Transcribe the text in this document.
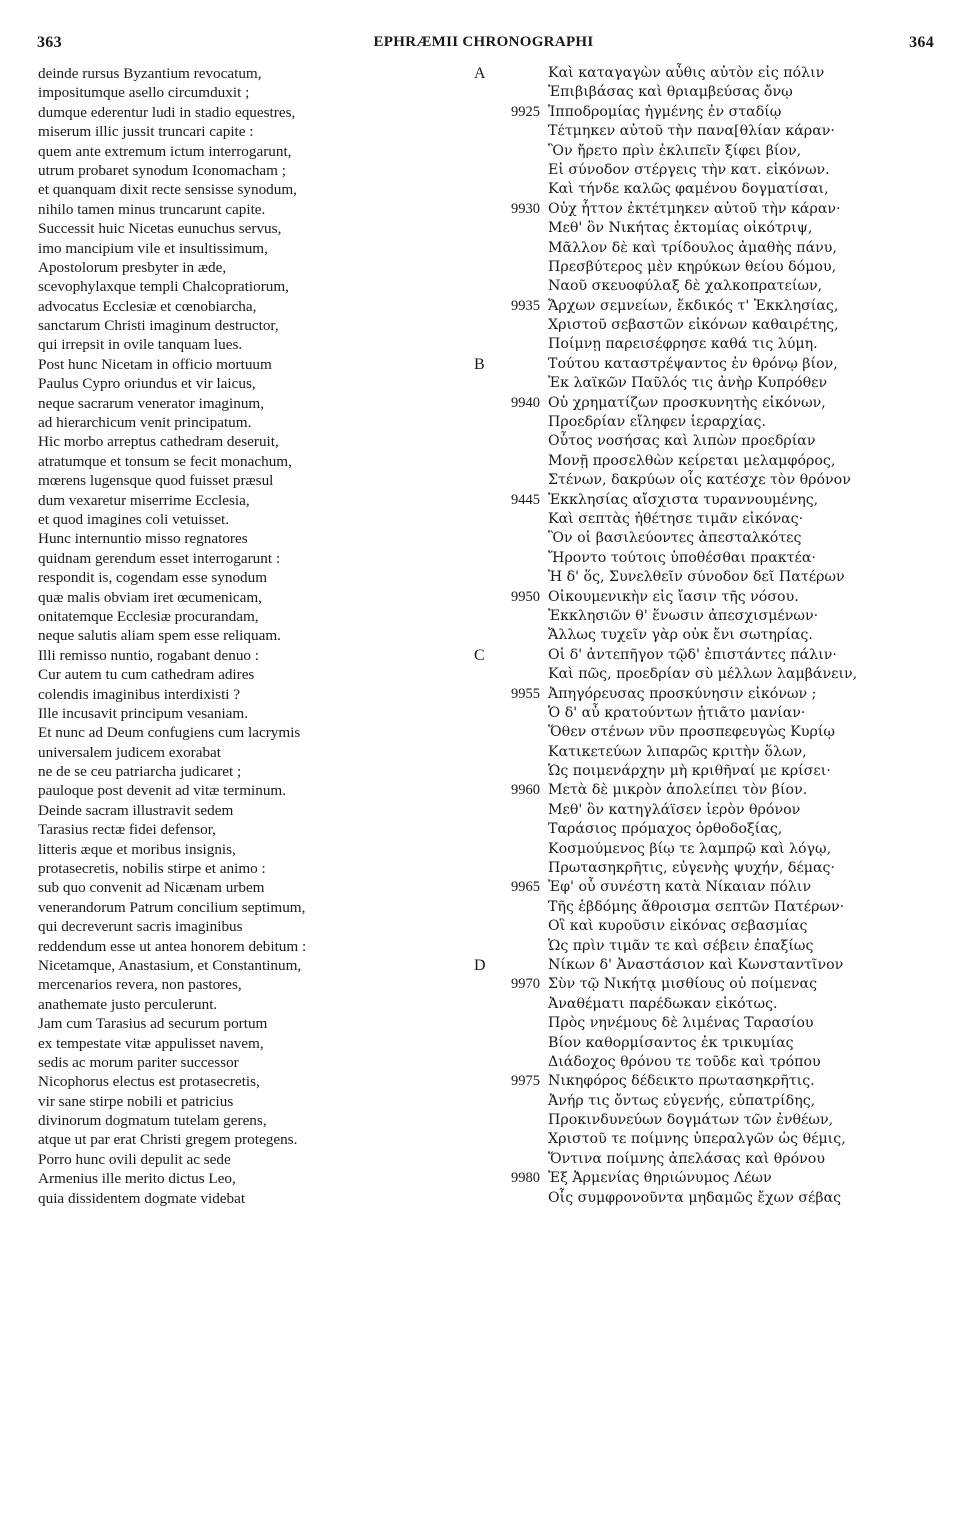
EPHRÆMII CHRONOGRAPHI
363	364
deinde rursus Byzantium revocatum,
impositumque asello circumduxit ;
dumque ederentur ludi in stadio equestres,
miserum illic jussit truncari capite :
quem ante extremum ictum interrogarunt,
utrum probaret synodum Iconomacham ;
et quanquam dixit recte sensisse synodum,
nihilo tamen minus truncarunt capite.
Successit huic Nicetas eunuchus servus,
imo mancipium vile et insultissimum,
Apostolorum presbyter in æde,
scevophylaxque templi Chalcopratiorum,
advocatus Ecclesiæ et cœnobiarcha,
sanctarum Christi imaginum destructor,
qui irrepsit in ovile tanquam lues.
Post hunc Nicetam in officio mortuum
Paulus Cypro oriundus et vir laicus,
neque sacrarum venerator imaginum,
ad hierarchicum venit principatum.
Hic morbo arreptus cathedram deseruit,
atratumque et tonsum se fecit monachum,
mœrens lugensque quod fuisset præsul
dum vexaretur miserrime Ecclesia,
et quod imagines coli vetuisset.
Hunc internuntio misso regnatores
quidnam gerendum esset interrogarunt :
respondit is, cogendam esse synodum
quæ malis obviam iret œcumenicam,
onitatemque Ecclesiæ procurandam,
neque salutis aliam spem esse reliquam.
Illi remisso nuntio, rogabant denuo :
Cur autem tu cum cathedram adires
colendis imaginibus interdixisti ?
Ille incusavit principum vesaniam.
Et nunc ad Deum confugiens cum lacrymis
universalem judicem exorabat
ne de se ceu patriarcha judicaret ;
pauloque post devenit ad vitæ terminum.
Deinde sacram illustravit sedem
Tarasius rectæ fidei defensor,
litteris æque et moribus insignis,
protasecretis, nobilis stirpe et animo :
sub quo convenit ad Nicænam urbem
venerandorum Patrum concilium septimum,
qui decreverunt sacris imaginibus
reddendum esse ut antea honorem debitum :
Nicetamque, Anastasium, et Constantinum,
mercenarios revera, non pastores,
anathemate justo perculerunt.
Jam cum Tarasius ad securum portum
ex tempestate vitæ appulisset navem,
sedis ac morum pariter successor
Nicophorus electus est protasecretis,
vir sane stirpe nobili et patricius
divinorum dogmatum tutelam gerens,
atque ut par erat Christi gregem protegens.
Porro hunc ovili depulit ac sede
Armenius ille merito dictus Leo,
quia dissidentem dogmate videbat
A	Καὶ καταγαγὼν αὖθις αὐτὸν εἰς πόλιν
Ἐπιβιβάσας καὶ θριαμβεύσας ὄνῳ
9925 Ἱπποδρομίας ἠγμένης ἐν σταδίῳ
Τέτμηκεν αὐτοῦ τὴν πανα[θλίαν κάραν·
Ὃν ἤρετο πρὶν ἐκλιπεῖν ξίφει βίον,
Εἰ σύνοδον στέργεις τὴν κατ. εἰκόνων.
Καὶ τήνδε καλῶς φαμένου δογματίσαι,
9930 Οὐχ ἧττον ἐκτέτμηκεν αὐτοῦ τὴν κάραν·
Μεθ' ὃν Νικήτας ἐκτομίας οἰκότριψ,
Μᾶλλον δὲ καὶ τρίδουλος ἀμαθὴς πάνυ,
Πρεσβύτερος μὲν κηρύκων θείου δόμου,
Ναοῦ σκευοφύλαξ δὲ χαλκοπρατείων,
9935 Ἄρχων σεμνείων, ἔκδικός τ' Ἐκκλησίας,
Χριστοῦ σεβαστῶν εἰκόνων καθαιρέτης,
Ποίμνῃ παρεισέφρησε καθά τις λύμη.
B	Τούτου καταστρέψαντος ἐν θρόνῳ βίον,
Ἐκ λαϊκῶν Παῦλός τις ἀνὴρ Κυπρόθεν
9940 Οὐ χρηματίζων προσκυνητὴς εἰκόνων,
Προεδρίαν εἴληφεν ἱεραρχίας.
Οὗτος νοσήσας καὶ λιπὼν προεδρίαν
Μονῇ προσελθὼν κείρεται μελαμφόρος,
Στένων, δακρύων οἷς κατέσχε τὸν θρόνον
9445 Ἐκκλησίας αἴσχιστα τυραννουμένης,
Καὶ σεπτὰς ἠθέτησε τιμᾶν εἰκόνας·
Ὃν οἱ βασιλεύοντες ἀπεσταλκότες
Ἤροντο τούτοις ὑποθέσθαι πρακτέα·
Ἡ δ' ὅς, Συνελθεῖν σύνοδον δεῖ Πατέρων
9950 Οἰκουμενικὴν εἰς ἴασιν τῆς νόσου.
Ἐκκλησιῶν θ' ἕνωσιν ἀπεσχισμένων·
Ἄλλως τυχεῖν γὰρ οὐκ ἔνι σωτηρίας.
C	Οἱ δ' ἀντεπῆγον τῷδ' ἐπιστάντες πάλιν·
Καὶ πῶς, προεδρίαν σὺ μέλλων λαμβάνειν,
9955 Ἀπηγόρευσας προσκύνησιν εἰκόνων ;
Ὁ δ' αὖ κρατούντων ᾐτιᾶτο μανίαν·
Ὅθεν στένων νῦν προσπεφευγὼς Κυρίῳ
Κατικετεύων λιπαρῶς κριτὴν ὅλων,
Ὡς ποιμενάρχην μὴ κριθῆναί με κρίσει·
9960 Μετὰ δὲ μικρὸν ἀπολείπει τὸν βίον.
Μεθ' ὃν κατηγλάϊσεν ἱερὸν θρόνον
Ταράσιος πρόμαχος ὀρθοδοξίας,
Κοσμούμενος βίῳ τε λαμπρῷ καὶ λόγῳ,
Πρωτασηκρῆτις, εὐγενὴς ψυχήν, δέμας·
9965 Ἐφ' οὗ συνέστη κατὰ Νίκαιαν πόλιν
Τῆς ἑβδόμης ἄθροισμα σεπτῶν Πατέρων·
Οἳ καὶ κυροῦσιν εἰκόνας σεβασμίας
Ὡς πρὶν τιμᾶν τε καὶ σέβειν ἐπαξίως
D	Νίκων δ' Ἀναστάσιον καὶ Κωνσταντῖνον
9970 Σὺν τῷ Νικήτᾳ μισθίους οὐ ποίμενας
Ἀναθέματι παρέδωκαν εἰκότως.
Πρὸς νηνέμους δὲ λιμένας Ταρασίου
Βίον καθορμίσαντος ἐκ τρικυμίας
Διάδοχος θρόνου τε τοῦδε καὶ τρόπου
9975 Νικηφόρος δέδεικτο πρωτασηκρῆτις.
Ἀνήρ τις ὄντως εὐγενής, εὐπατρίδης,
Προκινδυνεύων δογμάτων τῶν ἐνθέων,
Χριστοῦ τε ποίμνης ὑπεραλγῶν ὡς θέμις,
Ὅντινα ποίμνης ἀπελάσας καὶ θρόνου
9980 Ἐξ Ἀρμενίας θηριώνυμος Λέων
Οἷς συμφρονοῦντα μηδαμῶς ἔχων σέβας
